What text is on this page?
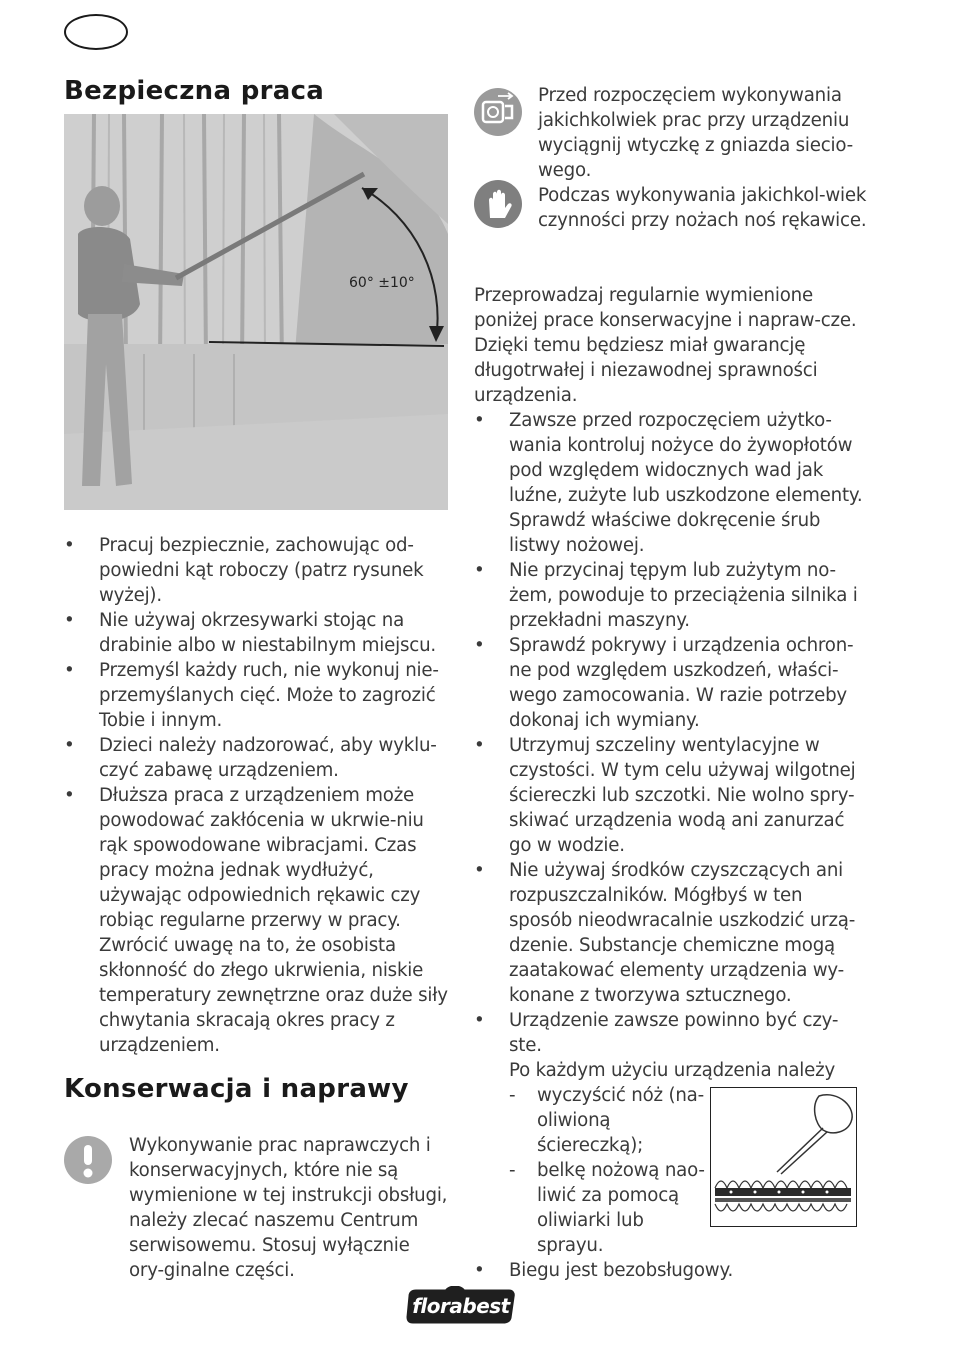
Bezpieczna praca
60° ±10°
• Pracuj bezpiecznie, zachowując od-powiedni kąt roboczy (patrz rysunek wyżej).
• Nie używaj okrzesywarki stojąc na drabinie albo w niestabilnym miejscu.
• Przemyśl każdy ruch, nie wykonuj nie-przemyślanych cięć. Może to zagrozić Tobie i innym.
• Dzieci należy nadzorować, aby wyklu-czyć zabawę urządzeniem.
• Dłuższa praca z urządzeniem może powodować zakłócenia w ukrwie-niu rąk spowodowane wibracjami. Czas pracy można jednak wydłużyć, używając odpowiednich rękawic czy robiąc regularne przerwy w pracy. Zwrócić uwagę na to, że osobista skłonność do złego ukrwienia, niskie temperatury zewnętrzne oraz duże siły chwytania skracają okres pracy z urządzeniem.
Konserwacja i naprawy

Wykonywanie prac naprawczych i konserwacyjnych, które nie są wymienione w tej instrukcji obsługi, należy zlecać naszemu Centrum serwisowemu. Stosuj wyłącznie ory-ginalne części.

Przed rozpoczęciem wykonywania jakichkolwiek prac przy urządzeniu wyciągnij wtyczkę z gniazda siecio-wego.

Podczas wykonywania jakichkol-wiek czynności przy nożach noś rękawice.

Przeprowadzaj regularnie wymienione poniżej prace konserwacyjne i napraw-cze. Dzięki temu będziesz miał gwarancję długotrwałej i niezawodnej sprawności urządzenia.

• Zawsze przed rozpoczęciem użytko-wania kontroluj nożyce do żywopłotów pod względem widocznych wad jak luźne, zużyte lub uszkodzone elementy. Sprawdź właściwe dokręcenie śrub listwy nożowej.
• Nie przycinaj tępym lub zużytym no-żem, powoduje to przeciążenia silnika i przekładni maszyny.
• Sprawdź pokrywy i urządzenia ochron-ne pod względem uszkodzeń, właści-wego zamocowania. W razie potrzeby dokonaj ich wymiany.
• Utrzymuj szczeliny wentylacyjne w czystości. W tym celu używaj wilgotnej ściereczki lub szczotki. Nie wolno spry-skiwać urządzenia wodą ani zanurzać go w wodzie.
• Nie używaj środków czyszczących ani rozpuszczalników. Mógłbyś w ten sposób nieodwracalnie uszkodzić urzą-dzenie. Substancje chemiczne mogą zaatakować elementy urządzenia wy-konane z tworzywa sztucznego.
• Urządzenie zawsze powinno być czy-ste.
Po każdym użyciu urządzenia należy
- wyczyścić nóż (na-oliwioną ściereczką);
- belkę nożową nao-liwić za pomocą oliwiarki lub sprayu.
• Biegu jest bezobsługowy.
florabest
